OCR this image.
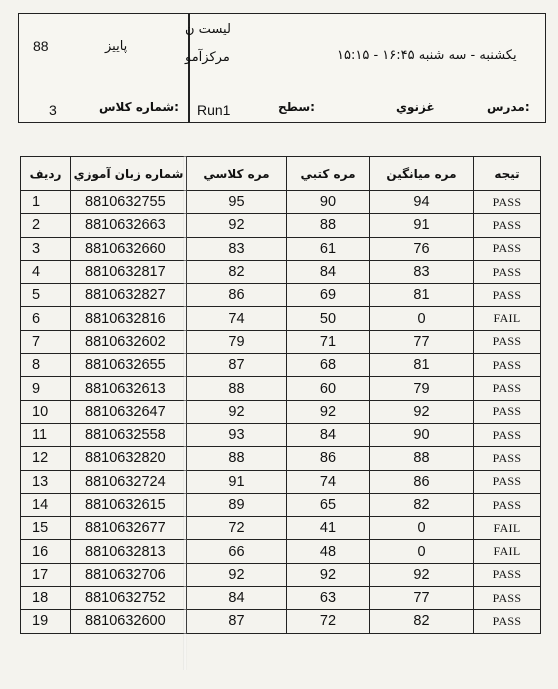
88	پاییز
لیست ن
مرکزآمو	یکشنبه - سه شنبه ۱۶:۴۵ - ۱۵:۱۵
3	شماره کلاس: Run1	سطح:	غزنوي	مدرس:
رديف	شماره زبان آموزي	مره كلاسي	مره كتبي	مره ميانگين	تيجه
1	8810632755	95	90	94	PASS
2	8810632663	92	88	91	PASS
3	8810632660	83	61	76	PASS
4	8810632817	82	84	83	PASS
5	8810632827	86	69	81	PASS
6	8810632816	74	50	0	FAIL
7	8810632602	79	71	77	PASS
8	8810632655	87	68	81	PASS
9	8810632613	88	60	79	PASS
10	8810632647	92	92	92	PASS
11	8810632558	93	84	90	PASS
12	8810632820	88	86	88	PASS
13	8810632724	91	74	86	PASS
14	8810632615	89	65	82	PASS
15	8810632677	72	41	0	FAIL
16	8810632813	66	48	0	FAIL
17	8810632706	92	92	92	PASS
18	8810632752	84	63	77	PASS
19	8810632600	87	72	82	PASS
